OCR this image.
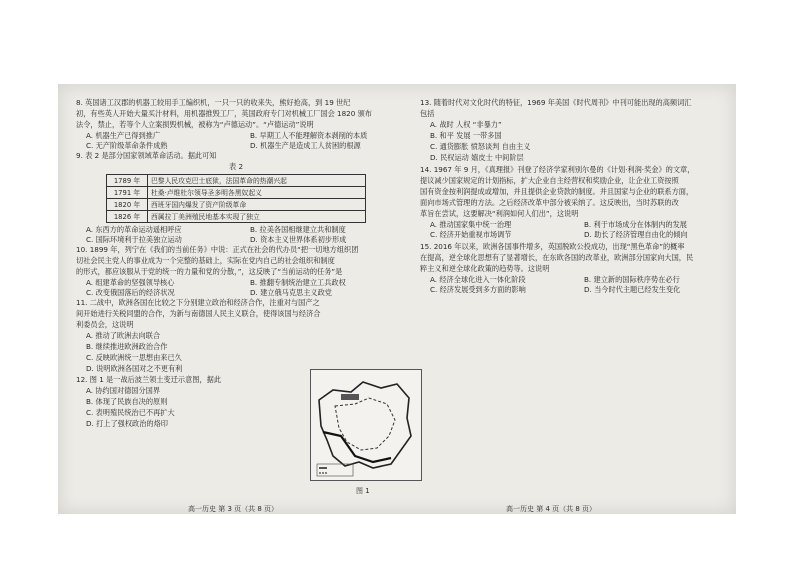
8. 英国诸工汉郡的机器工较用手工编织机，一只一只的收来失，熊好抢高，到 19 世纪
初，有些英人开始大量买汁材料，用机器推毁工厂，英国政府专门对机械工厂国会 1820 颁布
法令，禁止，若等个人立案损毁机械，被称为“卢德运动”。“卢德运动”说明
A. 机器生产已得到推广	B. 早期工人不能理解资本剥削的本质
C. 无产阶级革命条件成熟	D. 机器生产是造成工人贫困的根源
9. 表 2 是部分国家领域革命活动。据此可知
表 2
1789 年	巴黎人民攻克巴士底狱，法国革命的热潮兴起
1791 年	杜桑·卢维杜尔领导圣多明各黑奴起义
1820 年	西班牙国内爆发了资产阶级革命
1826 年	西属拉丁美洲殖民地基本实现了独立
A. 东西方的革命运动遥相呼应	B. 拉美各国相继建立共和制度
C. 国际环境利于拉美独立运动	D. 资本主义世界体系初步形成
10. 1899 年，列宁在《我们的当前任务》中说：正式在社会的代办员“把一切地方组织团
切社会民主党人的事业成为一个完整的基础上，实际在党内自己的社会组织和制度
的形式，都应该服从于党的统一的力量和党的分散，”，这反映了“当前运动的任务”是
A. 组建革命的坚强领导核心	B. 推翻专制统治建立工兵政权
C. 改变俄国落后的经济状况	D. 建立俄马克思主义政党
11. 二战中，欧洲各国在比较之下分别建立政治和经济合作，注重对与国产之
间开始进行关税同盟的合作，为新与南德国人民主义联合，使得该国与经济合
利委员会，这说明
A. 推动了欧洲去向联合
B. 继续推进欧洲政治合作
C. 反映欧洲统一思想由来已久
D. 说明欧洲各国对之不更有利
12. 图 1 是一战后波兰领土变迁示意图，据此
A. 协约国对德国分国界
B. 体现了民族自决的原则
C. 表明殖民统治已不再扩大
D. 打上了强权政治的烙印
图 1
13. 随着时代对文化时代的特征，1969 年美国《时代周刊》中刊可能出现的高频词汇
包括
A. 战时 人权 “非暴力”
B. 和平 发展 一带多国
C. 通货膨胀 愤怒谈判 自由主义
D. 民权运动 嬉皮士 中间阶层
14. 1967 年 9 月，《真理报》刊登了经济学家利别尔曼的《计划·利润·奖金》的文章，
提议减少国家规定的计划指标，扩大企业自主经营权和奖励企业，让企业工资按照
国有资金按利润提成或增加，并且提供企业贷款的制度。并且国家与企业的联系方面，
面向市场式管理的方法。之后经济改革中部分被采纳了。这反映出，当时苏联的改
革旨在尝试，这要解决“利润如何人们出”，这说明
A. 推动国家集中统一治理	B. 利于市场成分在体制内的发展
C. 经济开始重视市场调节	D. 助长了经济管理自由化的倾向
15. 2016 年以来，欧洲各国事件增多，英国脱欧公投成功，出现“黑色革命”的概率
在提高，逆全球化思想有了显著增长，在东欧各国的改革业，欧洲部分国家向大国，民
粹主义和逆全球化政策的趋势等。这说明
A. 经济全球化进入一体化阶段	B. 建立新的国际秩序势在必行
C. 经济发展受到多方面的影响	D. 当今时代主题已经发生变化
高一历史 第 3 页（共 8 页）	高一历史 第 4 页（共 8 页）
